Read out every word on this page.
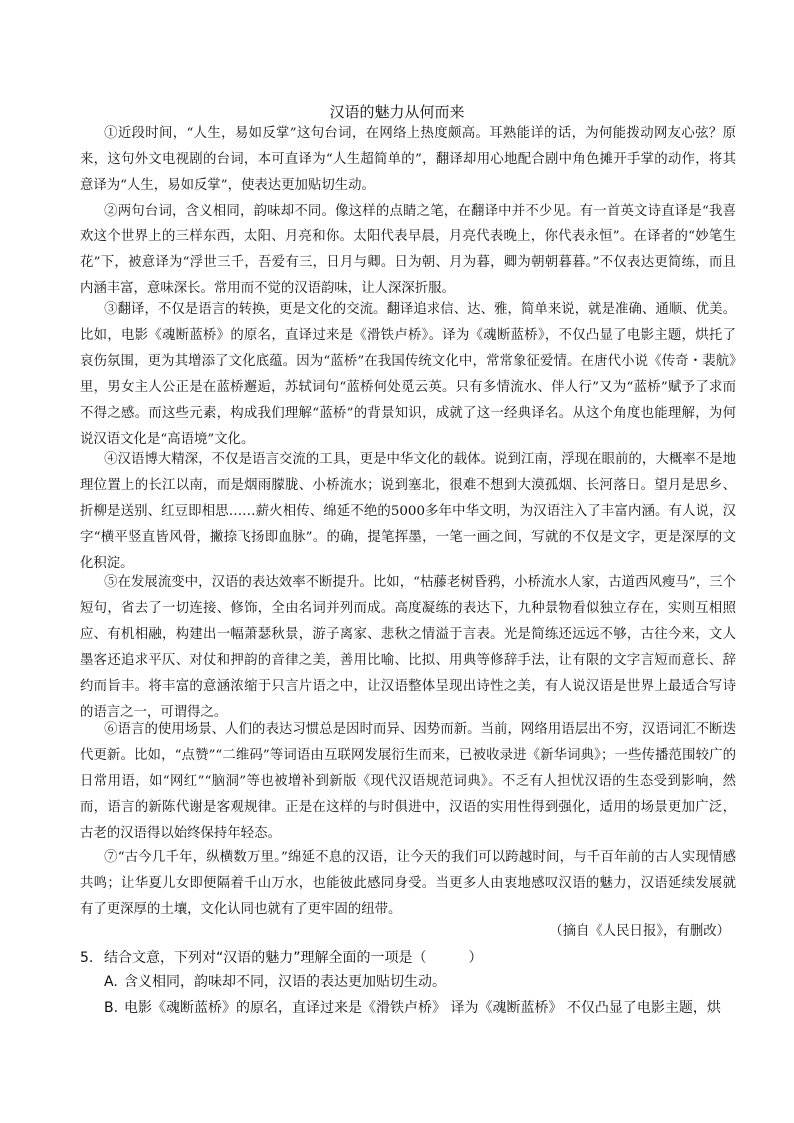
汉语的魅力从何而来

①近段时间，“人生，易如反掌”这句台词，在网络上热度颇高。耳熟能详的话，为何能拨动网友心弦？原来，这句外文电视剧的台词，本可直译为“人生超简单的”，翻译却用心地配合剧中角色摊开手掌的动作，将其意译为“人生，易如反掌”，使表达更加贴切生动。

②两句台词，含义相同，韵味却不同。像这样的点睛之笔，在翻译中并不少见。有一首英文诗直译是“我喜欢这个世界上的三样东西，太阳、月亮和你。太阳代表早晨，月亮代表晚上，你代表永恒”。在译者的“妙笔生花”下，被意译为“浮世三千，吾爱有三，日月与卿。日为朝、月为暮，卿为朝朝暮暮。”不仅表达更简练，而且内涵丰富，意味深长。常用而不觉的汉语韵味，让人深深折服。

③翻译，不仅是语言的转换，更是文化的交流。翻译追求信、达、雅，简单来说，就是准确、通顺、优美。比如，电影《魂断蓝桥》的原名，直译过来是《滑铁卢桥》。译为《魂断蓝桥》，不仅凸显了电影主题，烘托了哀伤氛围，更为其增添了文化底蕴。因为“蓝桥”在我国传统文化中，常常象征爱情。在唐代小说《传奇・裴航》里，男女主人公正是在蓝桥邂逅，苏轼词句“蓝桥何处觅云英。只有多情流水、伴人行”又为“蓝桥”赋予了求而不得之感。而这些元素，构成我们理解“蓝桥”的背景知识，成就了这一经典译名。从这个角度也能理解，为何说汉语文化是“高语境”文化。

④汉语博大精深，不仅是语言交流的工具，更是中华文化的载体。说到江南，浮现在眼前的，大概率不是地理位置上的长江以南，而是烟雨朦胧、小桥流水；说到塞北，很难不想到大漠孤烟、长河落日。望月是思乡、折柳是送别、红豆即相思……薪火相传、绵延不绝的5000多年中华文明，为汉语注入了丰富内涵。有人说，汉字“横平竖直皆风骨，撇捺飞扬即血脉”。的确，提笔挥墨，一笔一画之间，写就的不仅是文字，更是深厚的文化积淀。

⑤在发展流变中，汉语的表达效率不断提升。比如，“枯藤老树昏鸦，小桥流水人家，古道西风瘦马”，三个短句，省去了一切连接、修饰，全由名词并列而成。高度凝练的表达下，九种景物看似独立存在，实则互相照应、有机相融，构建出一幅萧瑟秋景，游子离家、悲秋之情溢于言表。光是简练还远远不够，古往今来，文人墨客还追求平仄、对仗和押韵的音律之美，善用比喻、比拟、用典等修辞手法，让有限的文字言短而意长、辞约而旨丰。将丰富的意涵浓缩于只言片语之中，让汉语整体呈现出诗性之美，有人说汉语是世界上最适合写诗的语言之一，可谓得之。

⑥语言的使用场景、人们的表达习惯总是因时而异、因势而新。当前，网络用语层出不穷，汉语词汇不断迭代更新。比如，“点赞”“二维码”等词语由互联网发展衍生而来，已被收录进《新华词典》；一些传播范围较广的日常用语，如“网红”“脑洞”等也被增补到新版《现代汉语规范词典》。不乏有人担忧汉语的生态受到影响，然而，语言的新陈代谢是客观规律。正是在这样的与时俱进中，汉语的实用性得到强化，适用的场景更加广泛，古老的汉语得以始终保持年轻态。

⑦“古今几千年，纵横数万里。”绵延不息的汉语，让今天的我们可以跨越时间，与千百年前的古人实现情感共鸣；让华夏儿女即便隔着千山万水，也能彼此感同身受。当更多人由衷地感叹汉语的魅力，汉语延续发展就有了更深厚的土壤，文化认同也就有了更牢固的纽带。

（摘自《人民日报》，有删改）
5. 结合文意，下列对“汉语的魅力”理解全面的一项是（　　　）
A. 含义相同，韵味却不同，汉语的表达更加贴切生动。
B. 电影《魂断蓝桥》的原名，直译过来是《滑铁卢桥》 译为《魂断蓝桥》 不仅凸显了电影主题，烘
